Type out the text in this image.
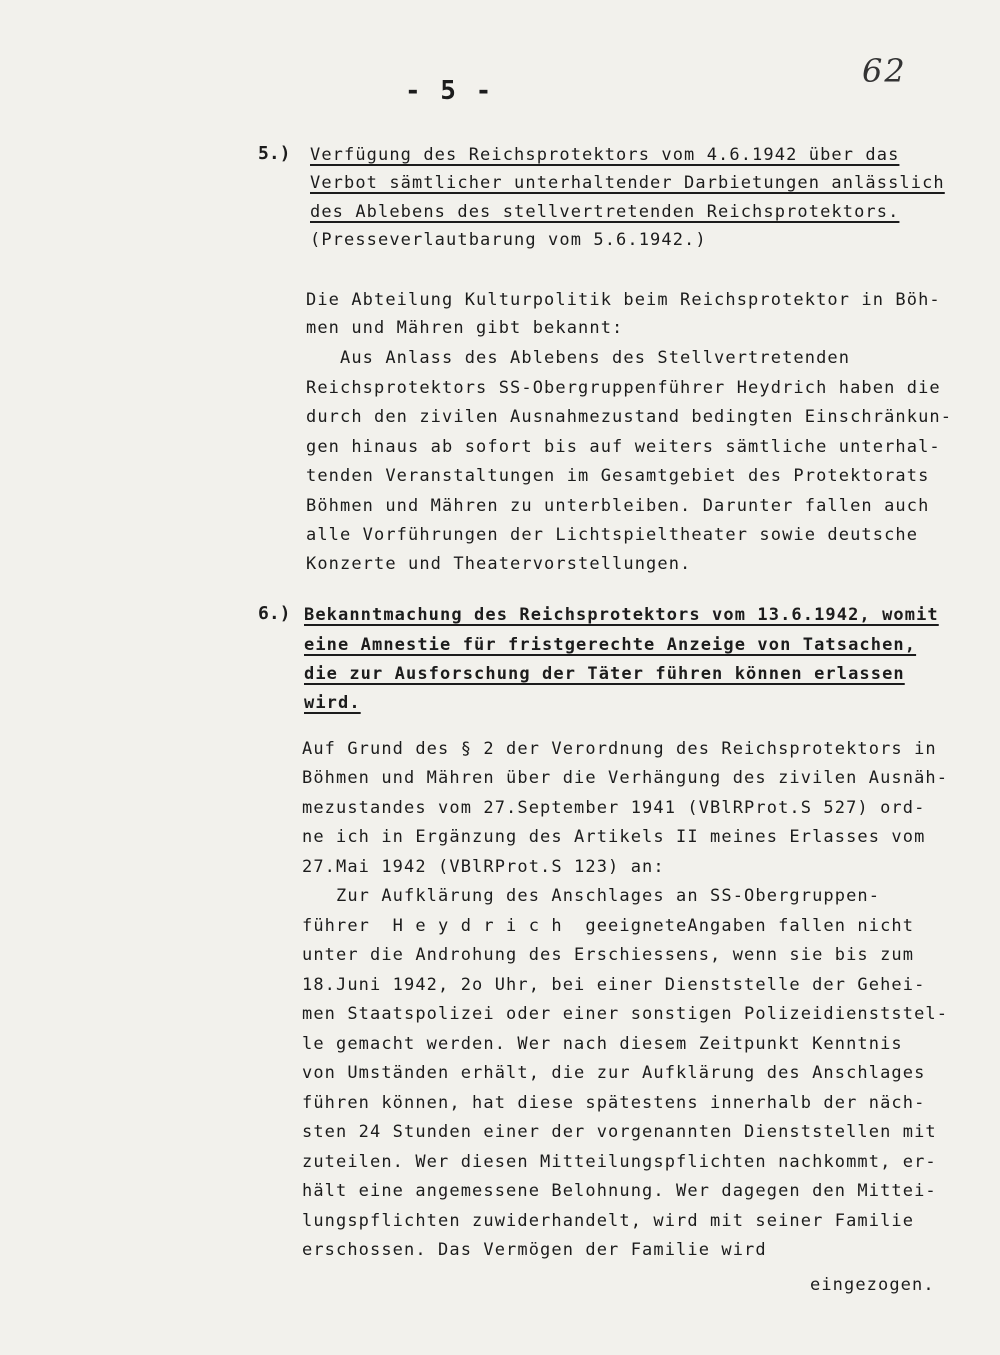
- 5 -
62
5.) Verfügung des Reichsprotektors vom 4.6.1942 über das
Verbot sämtlicher unterhaltender Darbietungen anlässlich
des Ablebens des stellvertretenden Reichsprotektors.
(Presseverlautbarung vom 5.6.1942.)
Die Abteilung Kulturpolitik beim Reichsprotektor in Böh-
men und Mähren gibt bekannt:
Aus Anlass des Ablebens des Stellvertretenden
Reichsprotektors SS-Obergruppenführer Heydrich haben die
durch den zivilen Ausnahmezustand bedingten Einschränkun-
gen hinaus ab sofort bis auf weiters sämtliche unterhal-
tenden Veranstaltungen im Gesamtgebiet des Protektorats
Böhmen und Mähren zu unterbleiben. Darunter fallen auch
alle Vorführungen der Lichtspieltheater sowie deutsche
Konzerte und Theatervorstellungen.
6.) Bekanntmachung des Reichsprotektors vom 13.6.1942, womit
eine Amnestie für fristgerechte Anzeige von Tatsachen,
die zur Ausforschung der Täter führen können erlassen
wird.
Auf Grund des § 2 der Verordnung des Reichsprotektors in
Böhmen und Mähren über die Verhängung des zivilen Ausnäh-
mezustandes vom 27.September 1941 (VBlRProt.S 527) ord-
ne ich in Ergänzung des Artikels II meines Erlasses vom
27.Mai 1942 (VBlRProt.S 123) an:
Zur Aufklärung des Anschlages an SS-Obergruppen-
führer  H e y d r i c h  geeigneteAngaben fallen nicht
unter die Androhung des Erschiessens, wenn sie bis zum
18.Juni 1942, 2o Uhr, bei einer Dienststelle der Gehei-
men Staatspolizei oder einer sonstigen Polizeidienststel-
le gemacht werden. Wer nach diesem Zeitpunkt Kenntnis
von Umständen erhält, die zur Aufklärung des Anschlages
führen können, hat diese spätestens innerhalb der näch-
sten 24 Stunden einer der vorgenannten Dienststellen mit
zuteilen. Wer diesen Mitteilungspflichten nachkommt, er-
hält eine angemessene Belohnung. Wer dagegen den Mittei-
lungspflichten zuwiderhandelt, wird mit seiner Familie
erschossen. Das Vermögen der Familie wird
eingezogen.
